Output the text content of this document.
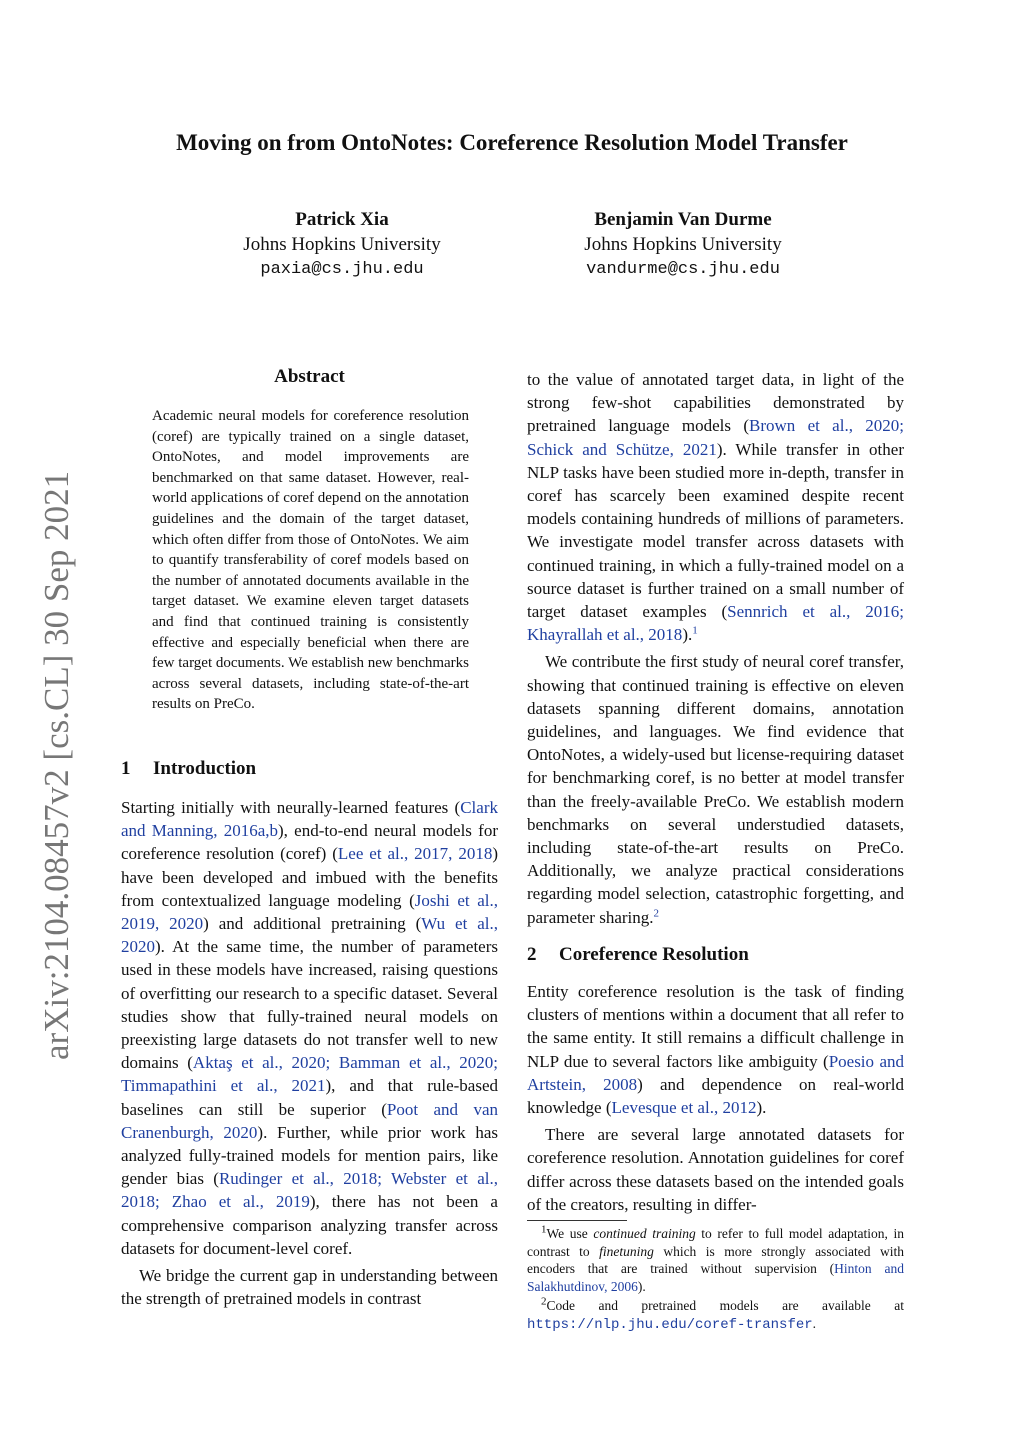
arXiv:2104.08457v2 [cs.CL] 30 Sep 2021
Moving on from OntoNotes: Coreference Resolution Model Transfer
Patrick Xia
Johns Hopkins University
paxia@cs.jhu.edu
Benjamin Van Durme
Johns Hopkins University
vandurme@cs.jhu.edu
Abstract
Academic neural models for coreference resolution (coref) are typically trained on a single dataset, OntoNotes, and model improvements are benchmarked on that same dataset. However, real-world applications of coref depend on the annotation guidelines and the domain of the target dataset, which often differ from those of OntoNotes. We aim to quantify transferability of coref models based on the number of annotated documents available in the target dataset. We examine eleven target datasets and find that continued training is consistently effective and especially beneficial when there are few target documents. We establish new benchmarks across several datasets, including state-of-the-art results on PreCo.
1 Introduction

Starting initially with neurally-learned features (Clark and Manning, 2016a,b), end-to-end neural models for coreference resolution (coref) (Lee et al., 2017, 2018) have been developed and imbued with the benefits from contextualized language modeling (Joshi et al., 2019, 2020) and additional pretraining (Wu et al., 2020). At the same time, the number of parameters used in these models have increased, raising questions of overfitting our research to a specific dataset. Several studies show that fully-trained neural models on preexisting large datasets do not transfer well to new domains (Aktaş et al., 2020; Bamman et al., 2020; Timmapathini et al., 2021), and that rule-based baselines can still be superior (Poot and van Cranenburgh, 2020). Further, while prior work has analyzed fully-trained models for mention pairs, like gender bias (Rudinger et al., 2018; Webster et al., 2018; Zhao et al., 2019), there has not been a comprehensive comparison analyzing transfer across datasets for document-level coref.

We bridge the current gap in understanding between the strength of pretrained models in contrast

to the value of annotated target data, in light of the strong few-shot capabilities demonstrated by pretrained language models (Brown et al., 2020; Schick and Schütze, 2021). While transfer in other NLP tasks have been studied more in-depth, transfer in coref has scarcely been examined despite recent models containing hundreds of millions of parameters. We investigate model transfer across datasets with continued training, in which a fully-trained model on a source dataset is further trained on a small number of target dataset examples (Sennrich et al., 2016; Khayrallah et al., 2018).$^1$

We contribute the first study of neural coref transfer, showing that continued training is effective on eleven datasets spanning different domains, annotation guidelines, and languages. We find evidence that OntoNotes, a widely-used but license-requiring dataset for benchmarking coref, is no better at model transfer than the freely-available PreCo. We establish modern benchmarks on several understudied datasets, including state-of-the-art results on PreCo. Additionally, we analyze practical considerations regarding model selection, catastrophic forgetting, and parameter sharing.$^2$

2 Coreference Resolution

Entity coreference resolution is the task of finding clusters of mentions within a document that all refer to the same entity. It still remains a difficult challenge in NLP due to several factors like ambiguity (Poesio and Artstein, 2008) and dependence on real-world knowledge (Levesque et al., 2012).

There are several large annotated datasets for coreference resolution. Annotation guidelines for coref differ across these datasets based on the intended goals of the creators, resulting in differ-

$^1$We use continued training to refer to full model adaptation, in contrast to finetuning which is more strongly associated with encoders that are trained without supervision (Hinton and Salakhutdinov, 2006).
$^2$Code and pretrained models are available at https://nlp.jhu.edu/coref-transfer.
